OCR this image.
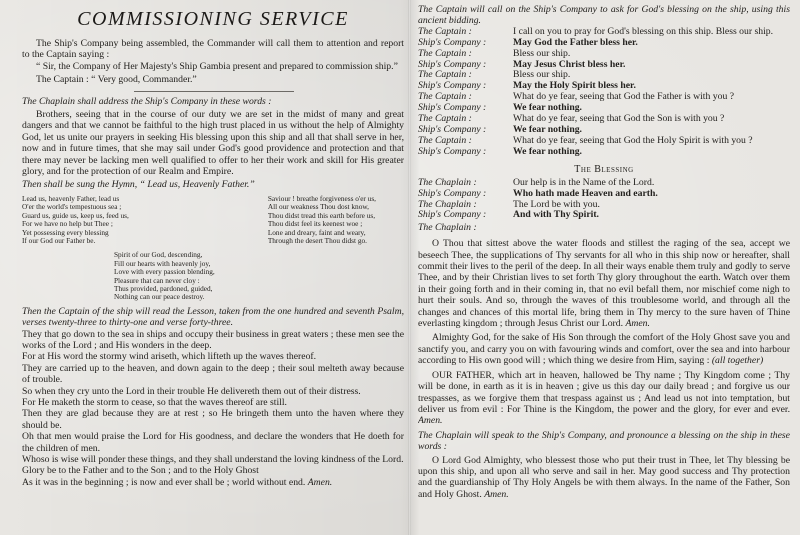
COMMISSIONING SERVICE

The Ship's Company being assembled, the Commander will call them to attention and report to the Captain saying :

“ Sir, the Company of Her Majesty's Ship Gambia present and prepared to commission ship.”

The Captain : “ Very good, Commander.”

The Chaplain shall address the Ship's Company in these words :

Brothers, seeing that in the course of our duty we are set in the midst of many and great dangers and that we cannot be faithful to the high trust placed in us without the help of Almighty God, let us unite our prayers in seeking His blessing upon this ship and all that shall serve in her, now and in future times, that she may sail under God's good providence and protection and that there may never be lacking men well qualified to offer to her their work and skill for His greater glory, and for the protection of our Realm and Empire.

Then shall be sung the Hymn, “ Lead us, Heavenly Father.”

Lead us, heavenly Father, lead us

O'er the world's tempestuous sea ;

Guard us, guide us, keep us, feed us,

For we have no help but Thee ;

Yet possessing every blessing

If our God our Father be.

Saviour ! breathe forgiveness o'er us,

All our weakness Thou dost know,

Thou didst tread this earth before us,

Thou didst feel its keenest woe ;

Lone and dreary, faint and weary,

Through the desert Thou didst go.

Spirit of our God, descending,

Fill our hearts with heavenly joy,

Love with every passion blending,

Pleasure that can never cloy :

Thus provided, pardoned, guided,

Nothing can our peace destroy.

Then the Captain of the ship will read the Lesson, taken from the one hundred and seventh Psalm, verses twenty-three to thirty-one and verse forty-three.

They that go down to the sea in ships and occupy their business in great waters ; these men see the works of the Lord ; and His wonders in the deep.

For at His word the stormy wind ariseth, which lifteth up the waves thereof.

They are carried up to the heaven, and down again to the deep ; their soul melteth away because of trouble.

So when they cry unto the Lord in their trouble He delivereth them out of their distress.

For He maketh the storm to cease, so that the waves thereof are still.

Then they are glad because they are at rest ; so He bringeth them unto the haven where they should be.

Oh that men would praise the Lord for His goodness, and declare the wonders that He doeth for the children of men.

Whoso is wise will ponder these things, and they shall understand the loving kindness of the Lord.

Glory be to the Father and to the Son ; and to the Holy Ghost

As it was in the beginning ; is now and ever shall be ; world without end. Amen.

The Captain will call on the Ship's Company to ask for God's blessing on the ship, using this ancient bidding.

The Captain :	I call on you to pray for God's blessing on this ship. Bless our ship.
Ship's Company :	May God the Father bless her.
The Captain :	Bless our ship.
Ship's Company :	May Jesus Christ bless her.
The Captain :	Bless our ship.
Ship's Company :	May the Holy Spirit bless her.
The Captain :	What do ye fear, seeing that God the Father is with you ?
Ship's Company :	We fear nothing.
The Captain :	What do ye fear, seeing that God the Son is with you ?
Ship's Company :	We fear nothing.
The Captain :	What do ye fear, seeing that God the Holy Spirit is with you ?
Ship's Company :	We fear nothing.

The Blessing

The Chaplain :	Our help is in the Name of the Lord.
Ship's Company :	Who hath made Heaven and earth.
The Chaplain :	The Lord be with you.
Ship's Company :	And with Thy Spirit.
The Chaplain :

O Thou that sittest above the water floods and stillest the raging of the sea, accept we beseech Thee, the supplications of Thy servants for all who in this ship now or hereafter, shall commit their lives to the peril of the deep. In all their ways enable them truly and godly to serve Thee, and by their Christian lives to set forth Thy glory throughout the earth. Watch over them in their going forth and in their coming in, that no evil befall them, nor mischief come nigh to hurt their souls. And so, through the waves of this troublesome world, and through all the changes and chances of this mortal life, bring them in Thy mercy to the sure haven of Thine everlasting kingdom ; through Jesus Christ our Lord. Amen.

Almighty God, for the sake of His Son through the comfort of the Holy Ghost save you and sanctify you, and carry you on with favouring winds and comfort, over the sea and into harbour according to His own good will ; which thing we desire from Him, saying : (all together)

OUR FATHER, which art in heaven, hallowed be Thy name ; Thy Kingdom come ; Thy will be done, in earth as it is in heaven ; give us this day our daily bread ; and forgive us our trespasses, as we forgive them that trespass against us ; And lead us not into temptation, but deliver us from evil : For Thine is the Kingdom, the power and the glory, for ever and ever. Amen.

The Chaplain will speak to the Ship's Company, and pronounce a blessing on the ship in these words :

O Lord God Almighty, who blessest those who put their trust in Thee, let Thy blessing be upon this ship, and upon all who serve and sail in her. May good success and Thy protection and the guardianship of Thy Holy Angels be with them always. In the name of the Father, Son and Holy Ghost. Amen.
